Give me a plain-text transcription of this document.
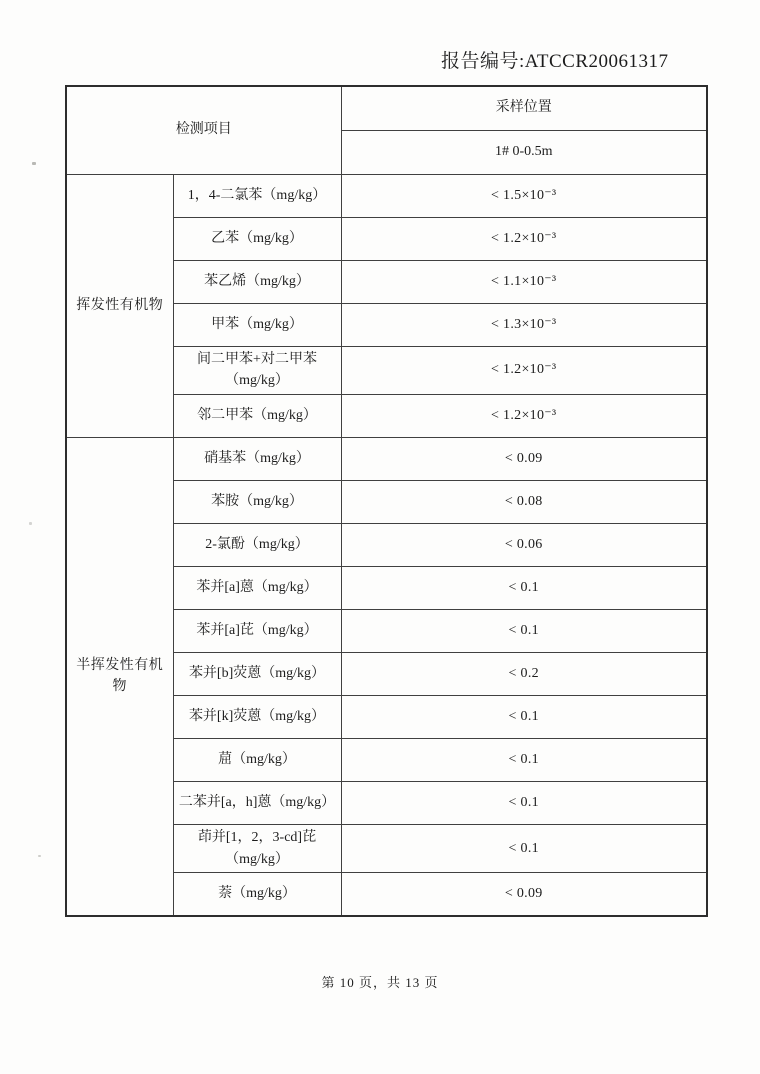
报告编号:ATCCR20061317
检测项目		采样位置
		1# 0-0.5m
挥发性有机物	1，4-二氯苯（mg/kg）	< 1.5×10⁻³
	乙苯（mg/kg）	< 1.2×10⁻³
	苯乙烯（mg/kg）	< 1.1×10⁻³
	甲苯（mg/kg）	< 1.3×10⁻³
	间二甲苯+对二甲苯（mg/kg）	< 1.2×10⁻³
	邻二甲苯（mg/kg）	< 1.2×10⁻³
半挥发性有机物	硝基苯（mg/kg）	< 0.09
	苯胺（mg/kg）	< 0.08
	2-氯酚（mg/kg）	< 0.06
	苯并[a]蒽（mg/kg）	< 0.1
	苯并[a]芘（mg/kg）	< 0.1
	苯并[b]荧蒽（mg/kg）	< 0.2
	苯并[k]荧蒽（mg/kg）	< 0.1
	䓛（mg/kg）	< 0.1
	二苯并[a，h]蒽（mg/kg）	< 0.1
	茚并[1，2，3-cd]芘（mg/kg）	< 0.1
	萘（mg/kg）	< 0.09
第 10 页，共 13 页
